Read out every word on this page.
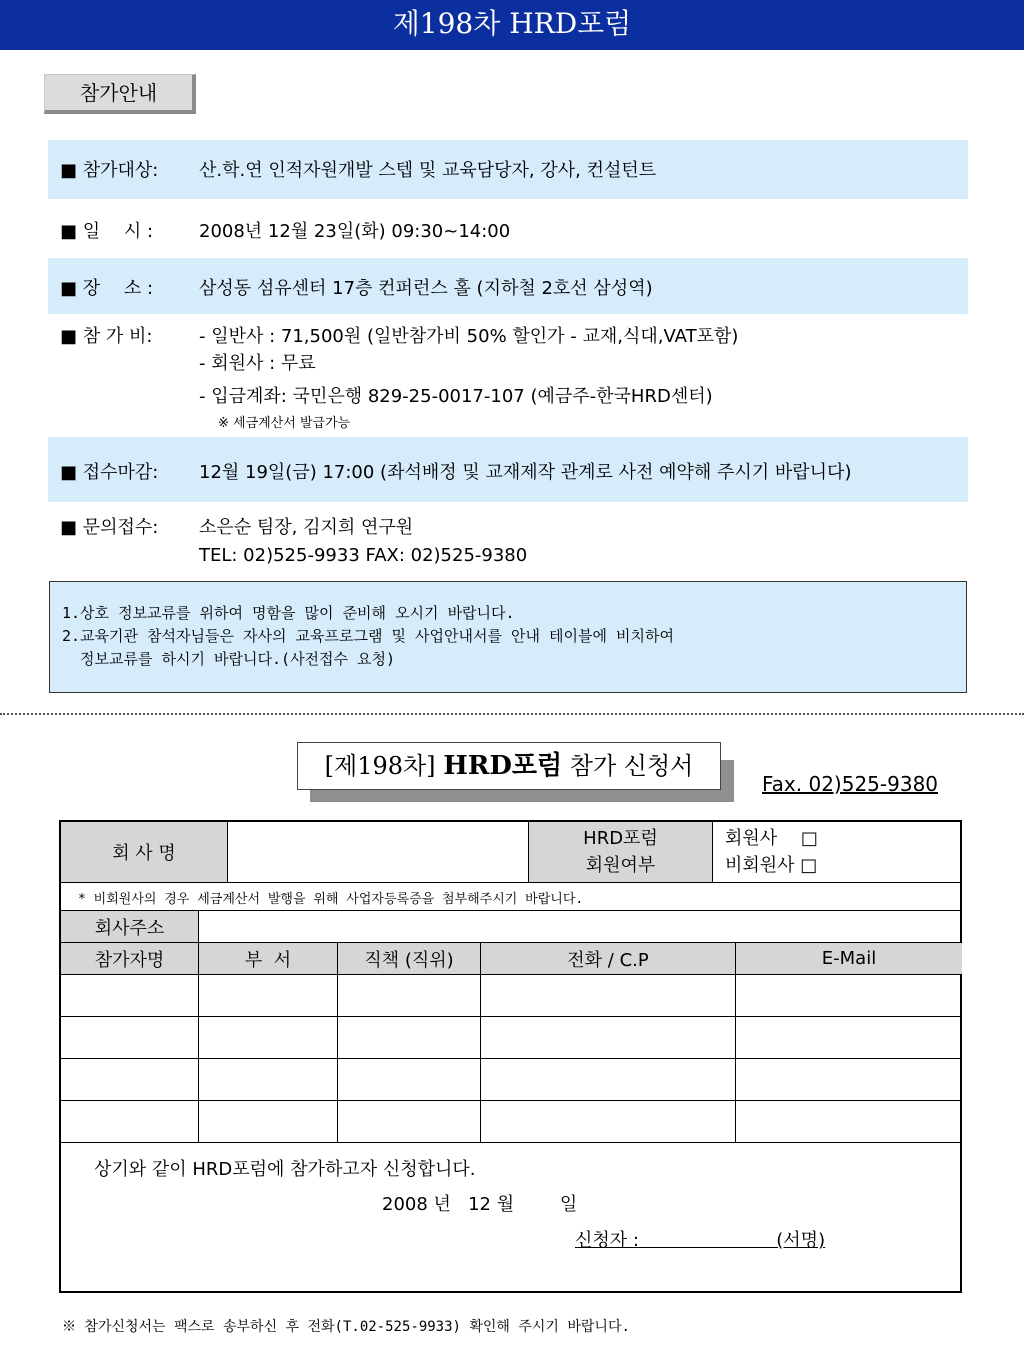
제198차 HRD포럼
참가안내
■ 참가대상: 산.학.연 인적자원개발 스텝 및 교육담당자, 강사, 컨설턴트
■ 일　 시 :	2008년 12월 23일(화) 09:30~14:00
■ 장　 소 :	삼성동 섬유센터 17층 컨퍼런스 홀 (지하철 2호선 삼성역)
■ 참 가 비:	- 일반사 : 71,500원 (일반참가비 50% 할인가 - 교재,식대,VAT포함)
- 회원사 : 무료
- 입금계좌: 국민은행 829-25-0017-107 (예금주-한국HRD센터)
※ 세금계산서 발급가능
■ 접수마감: 12월 19일(금) 17:00 (좌석배정 및 교재제작 관계로 사전 예약해 주시기 바랍니다)
■ 문의접수: 소은순 팀장, 김지희 연구원
TEL: 02)525-9933 FAX: 02)525-9380
1.상호 정보교류를 위하여 명함을 많이 준비해 오시기 바랍니다.
2.교육기관 참석자님들은 자사의 교육프로그램 및 사업안내서를 안내 테이블에 비치하여
정보교류를 하시기 바랍니다.(사전접수 요청)
[제198차] HRD포럼 참가 신청서
Fax. 02)525-9380
회 사 명
HRD포럼
회원여부
회원사　 □
비회원사 □
* 비회원사의 경우 세금계산서 발행을 위해 사업자등록증을 첨부해주시기 바랍니다.
회사주소
참가자명	부  서	직책 (직위)	전화 / C.P	E-Mail
상기와 같이 HRD포럼에 참가하고자 신청합니다.
2008 년   12 월        일
신청자 :                        (서명)
※ 참가신청서는 팩스로 송부하신 후 전화(T.02-525-9933) 확인해 주시기 바랍니다.
